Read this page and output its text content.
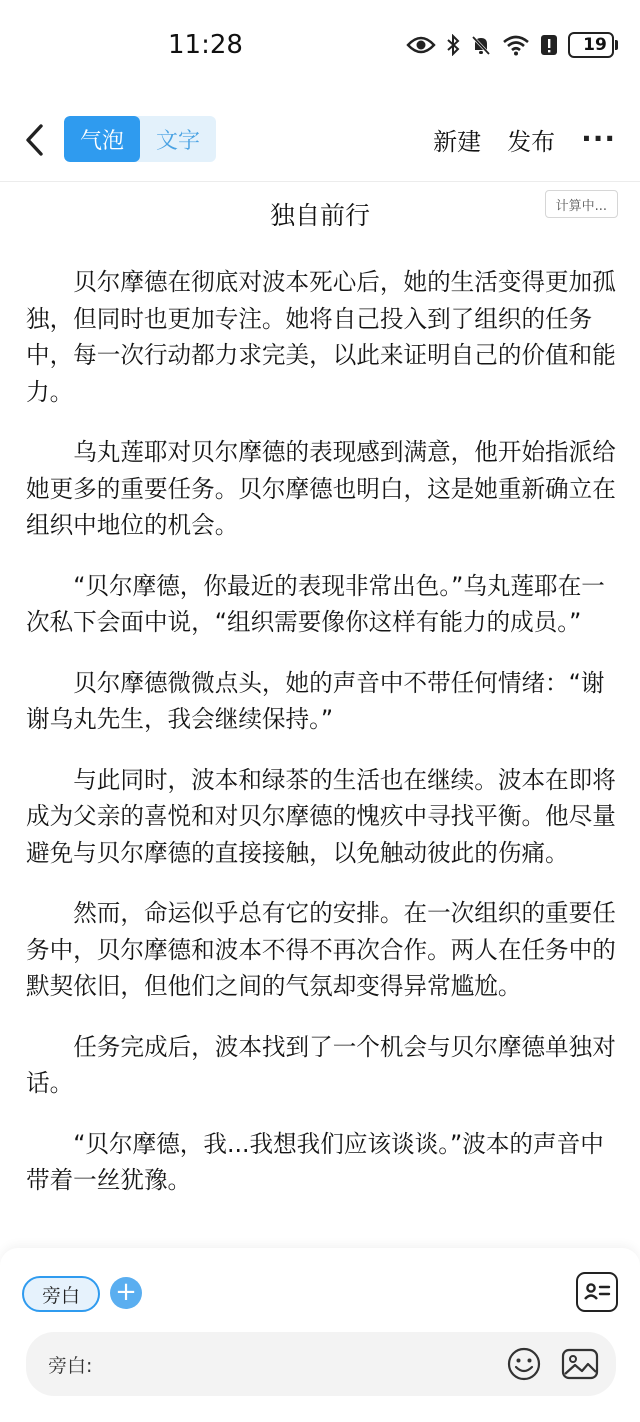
11:28	19
气泡	文字	新建 发布 ···
计算中...
独自前行

贝尔摩德在彻底对波本死心后，她的生活变得更加孤独，但同时也更加专注。她将自己投入到了组织的任务中，每一次行动都力求完美，以此来证明自己的价值和能力。

乌丸莲耶对贝尔摩德的表现感到满意，他开始指派给她更多的重要任务。贝尔摩德也明白，这是她重新确立在组织中地位的机会。

“贝尔摩德，你最近的表现非常出色。”乌丸莲耶在一次私下会面中说，“组织需要像你这样有能力的成员。”

贝尔摩德微微点头，她的声音中不带任何情绪：“谢谢乌丸先生，我会继续保持。”

与此同时，波本和绿茶的生活也在继续。波本在即将成为父亲的喜悦和对贝尔摩德的愧疚中寻找平衡。他尽量避免与贝尔摩德的直接接触，以免触动彼此的伤痛。

然而，命运似乎总有它的安排。在一次组织的重要任务中，贝尔摩德和波本不得不再次合作。两人在任务中的默契依旧，但他们之间的气氛却变得异常尴尬。

任务完成后，波本找到了一个机会与贝尔摩德单独对话。

“贝尔摩德，我...我想我们应该谈谈。”波本的声音中带着一丝犹豫。

旁白	+
旁白:
